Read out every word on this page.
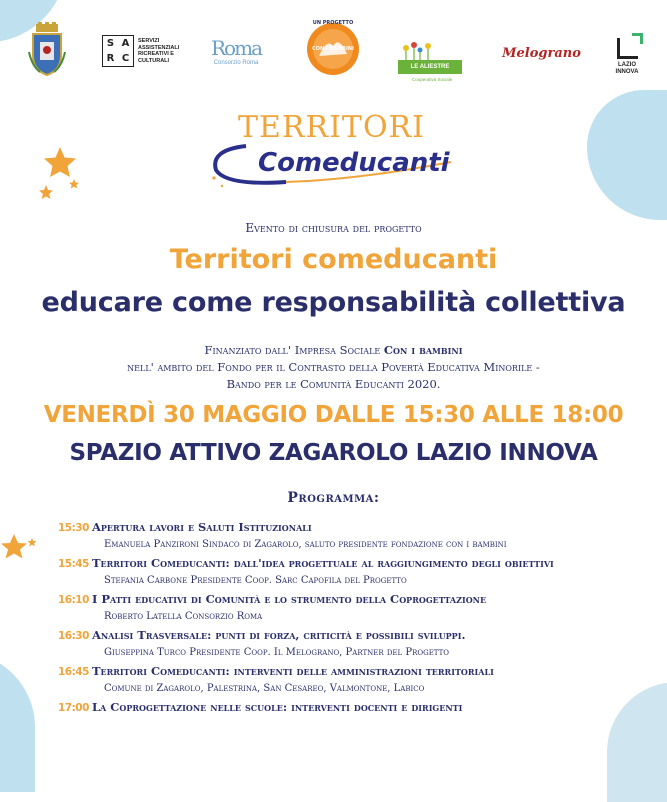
S A
R C
SERVIZI ASSISTENZIALI RICREATIVI E CULTURALI
Roma
Consorzio Roma
UN PROGETTO
CON I BAMBINI
LE ALIESTRE
Cooperativa Sociale
Melograno
LAZIO
INNOVA
TERRITORI
Comeducanti
Evento di chiusura del progetto
Territori comeducanti
educare come responsabilità collettiva
Finanziato dall' Impresa Sociale Con i bambini
nell' ambito del Fondo per il Contrasto della Povertà Educativa Minorile -
Bando per le Comunità Educanti 2020.
VENERDÌ 30 MAGGIO DALLE 15:30 ALLE 18:00
SPAZIO ATTIVO ZAGAROLO LAZIO INNOVA
Programma:
15:30 Apertura lavori e Saluti Istituzionali
Emanuela Panzironi Sindaco di Zagarolo, saluto presidente fondazione con i bambini
15:45 Territori Comeducanti: dall'idea progettuale al raggiungimento degli obiettivi
Stefania Carbone Presidente Coop. Sarc Capofila del Progetto
16:10 I Patti educativi di Comunità e lo strumento della Coprogettazione
Roberto Latella Consorzio Roma
16:30 Analisi Trasversale: punti di forza, criticità e possibili sviluppi.
Giuseppina Turco Presidente Coop. Il Melograno, Partner del Progetto
16:45 Territori Comeducanti: interventi delle amministrazioni territoriali
Comune di Zagarolo, Palestrina, San Cesareo, Valmontone, Labico
17:00 La Coprogettazione nelle scuole: interventi docenti e dirigenti
